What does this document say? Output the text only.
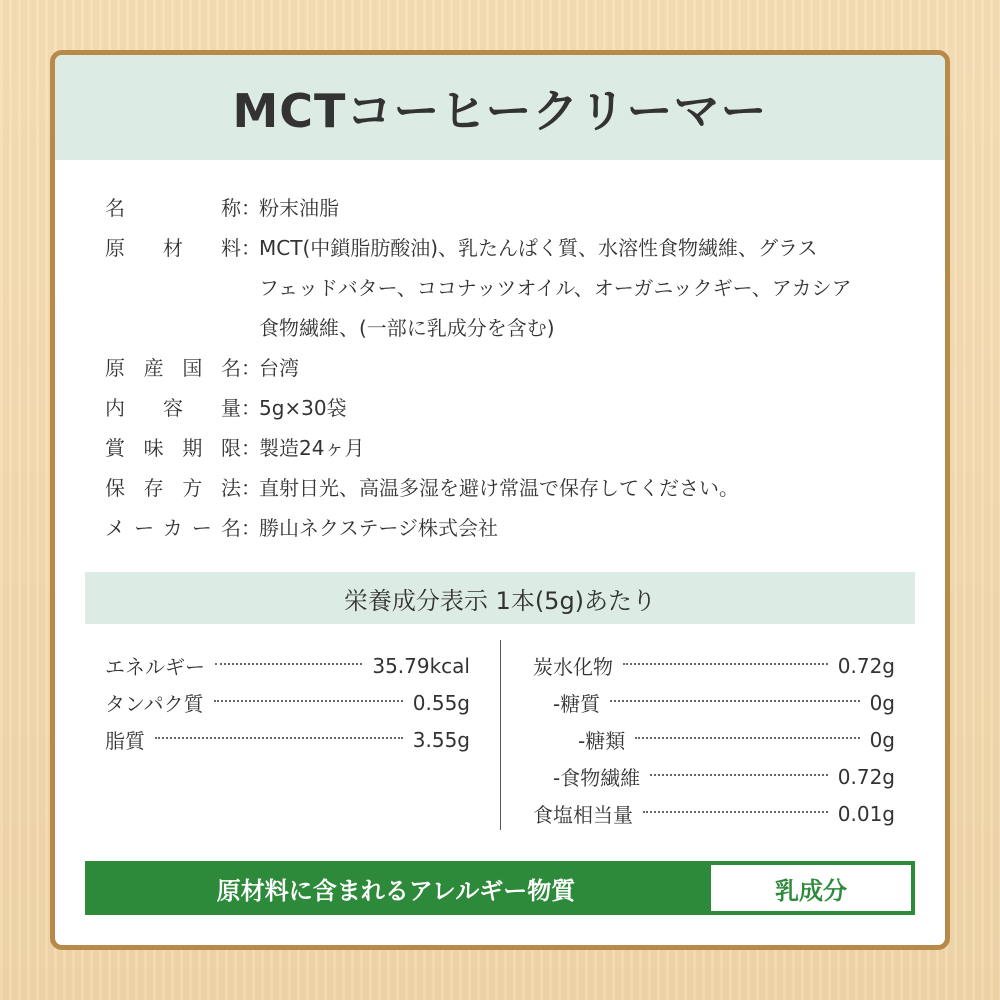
MCTコーヒークリーマー
名称 ：
粉末油脂
原材料 ：
MCT(中鎖脂肪酸油)、乳たんぱく質、水溶性食物繊維、グラス
フェッドバター、ココナッツオイル、オーガニックギー、アカシア
食物繊維、(一部に乳成分を含む)
原産国名 ：
台湾
内容量 ：
5g×30袋
賞味期限 ：
製造24ヶ月
保存方法 ：
直射日光、高温多湿を避け常温で保存してください。
メーカー名 ：
勝山ネクステージ株式会社
栄養成分表示 1本(5g)あたり
エネルギー	35.79kcal
タンパク質	0.55g
脂質	3.55g
炭水化物	0.72g
-糖質	0g
-糖類	0g
-食物繊維	0.72g
食塩相当量	0.01g
原材料に含まれるアレルギー物質	乳成分
